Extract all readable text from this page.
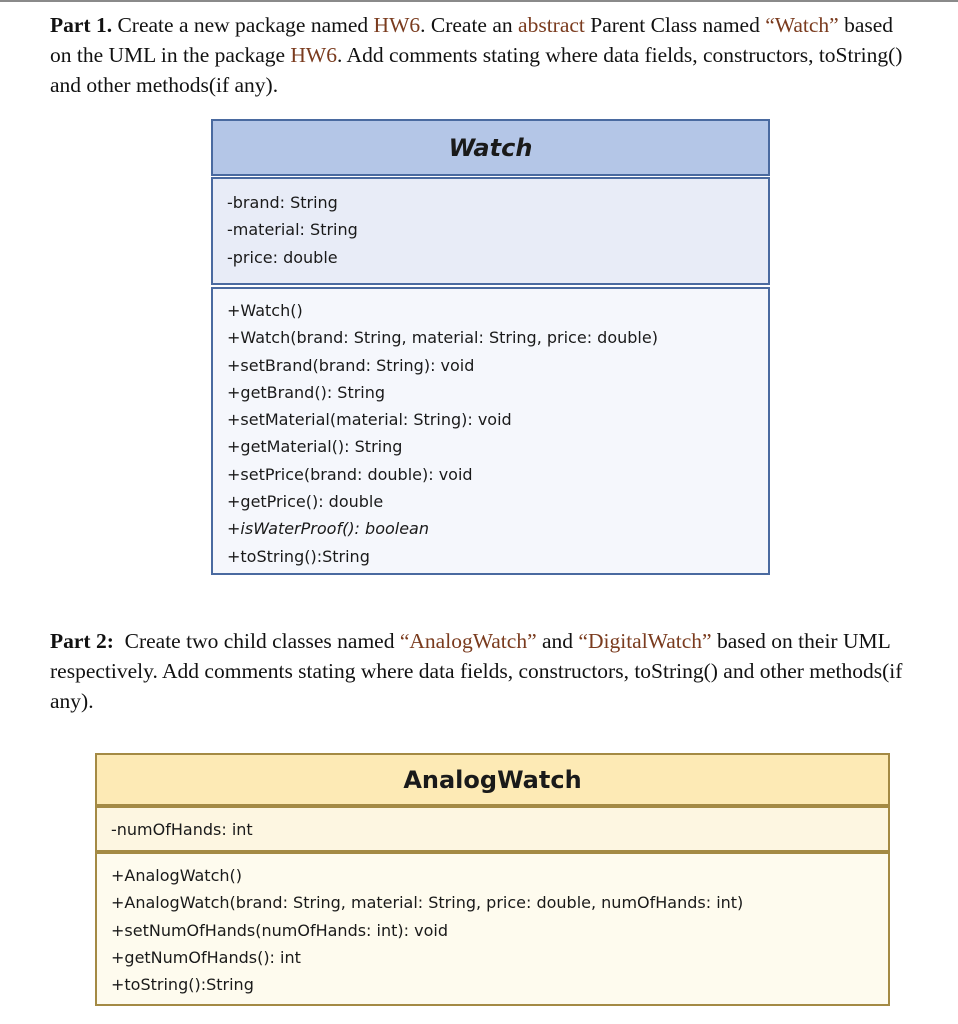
Part 1. Create a new package named HW6. Create an abstract Parent Class named “Watch” based on the UML in the package HW6. Add comments stating where data fields, constructors, toString() and other methods(if any).

Watch
-brand: String
-material: String
-price: double
+Watch()
+Watch(brand: String, material: String, price: double)
+setBrand(brand: String): void
+getBrand(): String
+setMaterial(material: String): void
+getMaterial(): String
+setPrice(brand: double): void
+getPrice(): double
+isWaterProof(): boolean
+toString():String

Part 2:  Create two child classes named “AnalogWatch” and “DigitalWatch” based on their UML respectively. Add comments stating where data fields, constructors, toString() and other methods(if any).

AnalogWatch
-numOfHands: int
+AnalogWatch()
+AnalogWatch(brand: String, material: String, price: double, numOfHands: int)
+setNumOfHands(numOfHands: int): void
+getNumOfHands(): int
+toString():String
